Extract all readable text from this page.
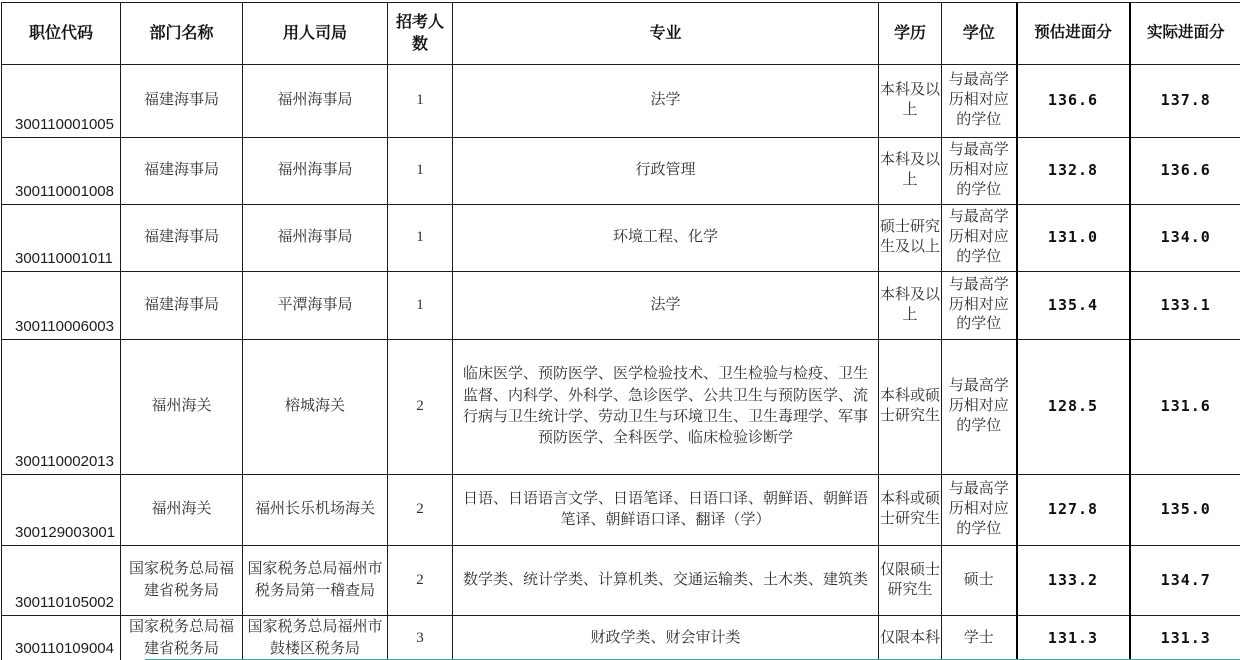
职位代码	部门名称	用人司局	招考人数	专业	学历	学位	预估进面分	实际进面分
300110001005	福建海事局	福州海事局	1	法学	本科及以上	与最高学历相对应的学位	136.6	137.8
300110001008	福建海事局	福州海事局	1	行政管理	本科及以上	与最高学历相对应的学位	132.8	136.6
300110001011	福建海事局	福州海事局	1	环境工程、化学	硕士研究生及以上	与最高学历相对应的学位	131.0	134.0
300110006003	福建海事局	平潭海事局	1	法学	本科及以上	与最高学历相对应的学位	135.4	133.1
300110002013	福州海关	榕城海关	2	临床医学、预防医学、医学检验技术、卫生检验与检疫、卫生监督、内科学、外科学、急诊医学、公共卫生与预防医学、流行病与卫生统计学、劳动卫生与环境卫生、卫生毒理学、军事预防医学、全科医学、临床检验诊断学	本科或硕士研究生	与最高学历相对应的学位	128.5	131.6
300129003001	福州海关	福州长乐机场海关	2	日语、日语语言文学、日语笔译、日语口译、朝鲜语、朝鲜语笔译、朝鲜语口译、翻译（学）	本科或硕士研究生	与最高学历相对应的学位	127.8	135.0
300110105002	国家税务总局福建省税务局	国家税务总局福州市税务局第一稽查局	2	数学类、统计学类、计算机类、交通运输类、土木类、建筑类	仅限硕士研究生	硕士	133.2	134.7
300110109004	国家税务总局福建省税务局	国家税务总局福州市鼓楼区税务局	3	财政学类、财会审计类	仅限本科	学士	131.3	131.3
